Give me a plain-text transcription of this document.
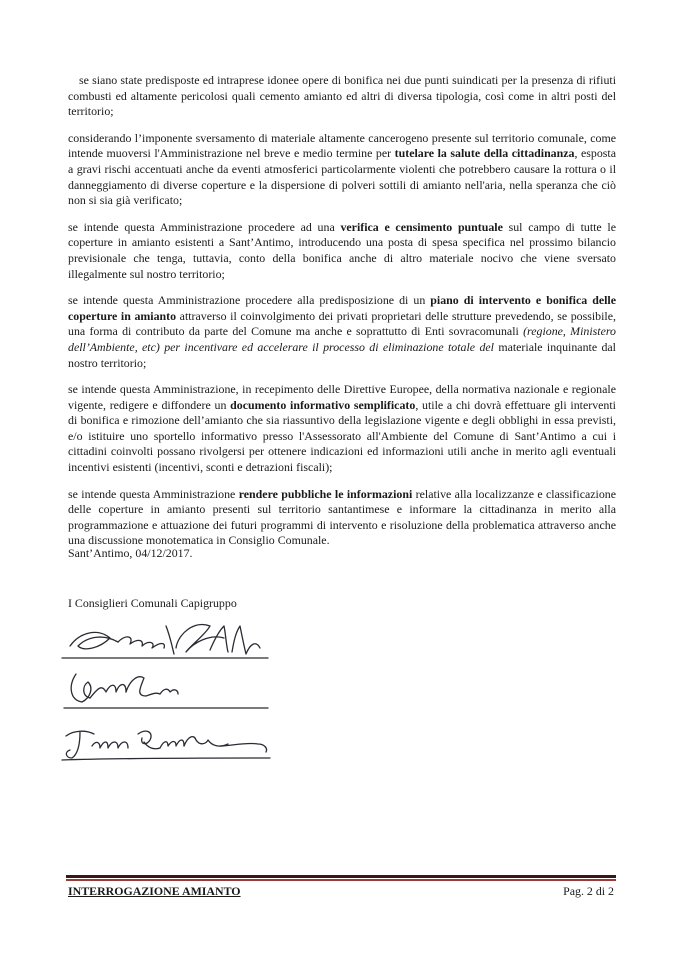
se siano state predisposte ed intraprese idonee opere di bonifica nei due punti suindicati per la presenza di rifiuti combusti ed altamente pericolosi quali cemento amianto ed altri di diversa tipologia, così come in altri posti del territorio;

considerando l’imponente sversamento di materiale altamente cancerogeno presente sul territorio comunale, come intende muoversi l'Amministrazione nel breve e medio termine per tutelare la salute della cittadinanza, esposta a gravi rischi accentuati anche da eventi atmosferici particolarmente violenti che potrebbero causare la rottura o il danneggiamento di diverse coperture e la dispersione di polveri sottili di amianto nell'aria, nella speranza che ciò non si sia già verificato;

se intende questa Amministrazione procedere ad una verifica e censimento puntuale sul campo di tutte le coperture in amianto esistenti a Sant’Antimo, introducendo una posta di spesa specifica nel prossimo bilancio previsionale che tenga, tuttavia, conto della bonifica anche di altro materiale nocivo che viene sversato illegalmente sul nostro territorio;

se intende questa Amministrazione procedere alla predisposizione di un piano di intervento e bonifica delle coperture in amianto attraverso il coinvolgimento dei privati proprietari delle strutture prevedendo, se possibile, una forma di contributo da parte del Comune ma anche e soprattutto di Enti sovracomunali (regione, Ministero dell’Ambiente, etc) per incentivare ed accelerare il processo di eliminazione totale del materiale inquinante dal nostro territorio;

se intende questa Amministrazione, in recepimento delle Direttive Europee, della normativa nazionale e regionale vigente, redigere e diffondere un documento informativo semplificato, utile a chi dovrà effettuare gli interventi di bonifica e rimozione dell’amianto che sia riassuntivo della legislazione vigente e degli obblighi in essa previsti, e/o istituire uno sportello informativo presso l'Assessorato all'Ambiente del Comune di Sant’Antimo a cui i cittadini coinvolti possano rivolgersi per ottenere indicazioni ed informazioni utili anche in merito agli eventuali incentivi esistenti (incentivi, sconti e detrazioni fiscali);

se intende questa Amministrazione rendere pubbliche le informazioni relative alla localizzanze e classificazione delle coperture in amianto presenti sul territorio santantimese e informare la cittadinanza in merito alla programmazione e attuazione dei futuri programmi di intervento e risoluzione della problematica attraverso anche una discussione monotematica in Consiglio Comunale.

Sant’Antimo, 04/12/2017.

I Consiglieri Comunali Capigruppo

INTERROGAZIONE AMIANTO	Pag. 2 di 2
